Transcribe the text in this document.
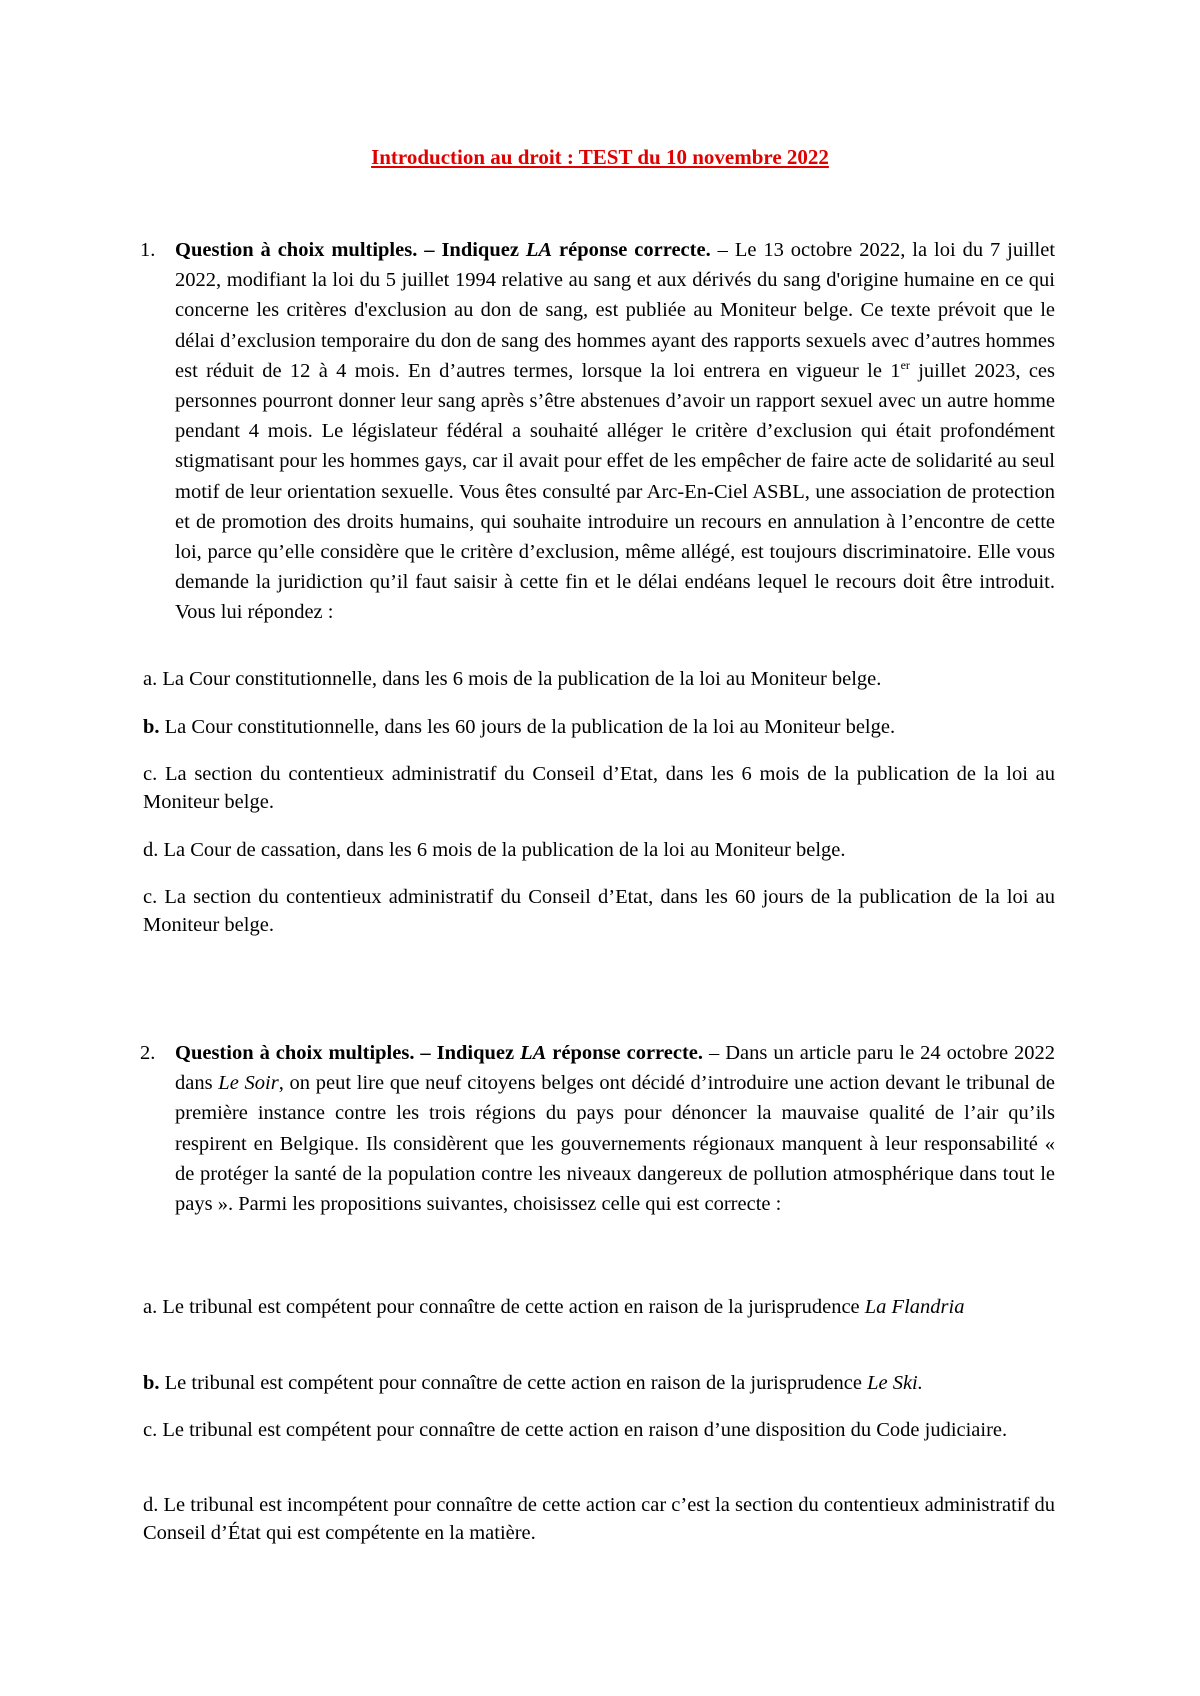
Introduction au droit : TEST du 10 novembre 2022
1. Question à choix multiples. – Indiquez LA réponse correcte. – Le 13 octobre 2022, la loi du 7 juillet 2022, modifiant la loi du 5 juillet 1994 relative au sang et aux dérivés du sang d'origine humaine en ce qui concerne les critères d'exclusion au don de sang, est publiée au Moniteur belge. Ce texte prévoit que le délai d’exclusion temporaire du don de sang des hommes ayant des rapports sexuels avec d’autres hommes est réduit de 12 à 4 mois. En d’autres termes, lorsque la loi entrera en vigueur le 1er juillet 2023, ces personnes pourront donner leur sang après s’être abstenues d’avoir un rapport sexuel avec un autre homme pendant 4 mois. Le législateur fédéral a souhaité alléger le critère d’exclusion qui était profondément stigmatisant pour les hommes gays, car il avait pour effet de les empêcher de faire acte de solidarité au seul motif de leur orientation sexuelle. Vous êtes consulté par Arc-En-Ciel ASBL, une association de protection et de promotion des droits humains, qui souhaite introduire un recours en annulation à l’encontre de cette loi, parce qu’elle considère que le critère d’exclusion, même allégé, est toujours discriminatoire. Elle vous demande la juridiction qu’il faut saisir à cette fin et le délai endéans lequel le recours doit être introduit. Vous lui répondez :
a. La Cour constitutionnelle, dans les 6 mois de la publication de la loi au Moniteur belge.
b. La Cour constitutionnelle, dans les 60 jours de la publication de la loi au Moniteur belge.
c. La section du contentieux administratif du Conseil d’Etat, dans les 6 mois de la publication de la loi au Moniteur belge.
d. La Cour de cassation, dans les 6 mois de la publication de la loi au Moniteur belge.
c. La section du contentieux administratif du Conseil d’Etat, dans les 60 jours de la publication de la loi au Moniteur belge.
2. Question à choix multiples. – Indiquez LA réponse correcte. – Dans un article paru le 24 octobre 2022 dans Le Soir, on peut lire que neuf citoyens belges ont décidé d’introduire une action devant le tribunal de première instance contre les trois régions du pays pour dénoncer la mauvaise qualité de l’air qu’ils respirent en Belgique. Ils considèrent que les gouvernements régionaux manquent à leur responsabilité « de protéger la santé de la population contre les niveaux dangereux de pollution atmosphérique dans tout le pays ». Parmi les propositions suivantes, choisissez celle qui est correcte :
a. Le tribunal est compétent pour connaître de cette action en raison de la jurisprudence La Flandria
b. Le tribunal est compétent pour connaître de cette action en raison de la jurisprudence Le Ski.
c. Le tribunal est compétent pour connaître de cette action en raison d’une disposition du Code judiciaire.
d. Le tribunal est incompétent pour connaître de cette action car c’est la section du contentieux administratif du Conseil d’État qui est compétente en la matière.
